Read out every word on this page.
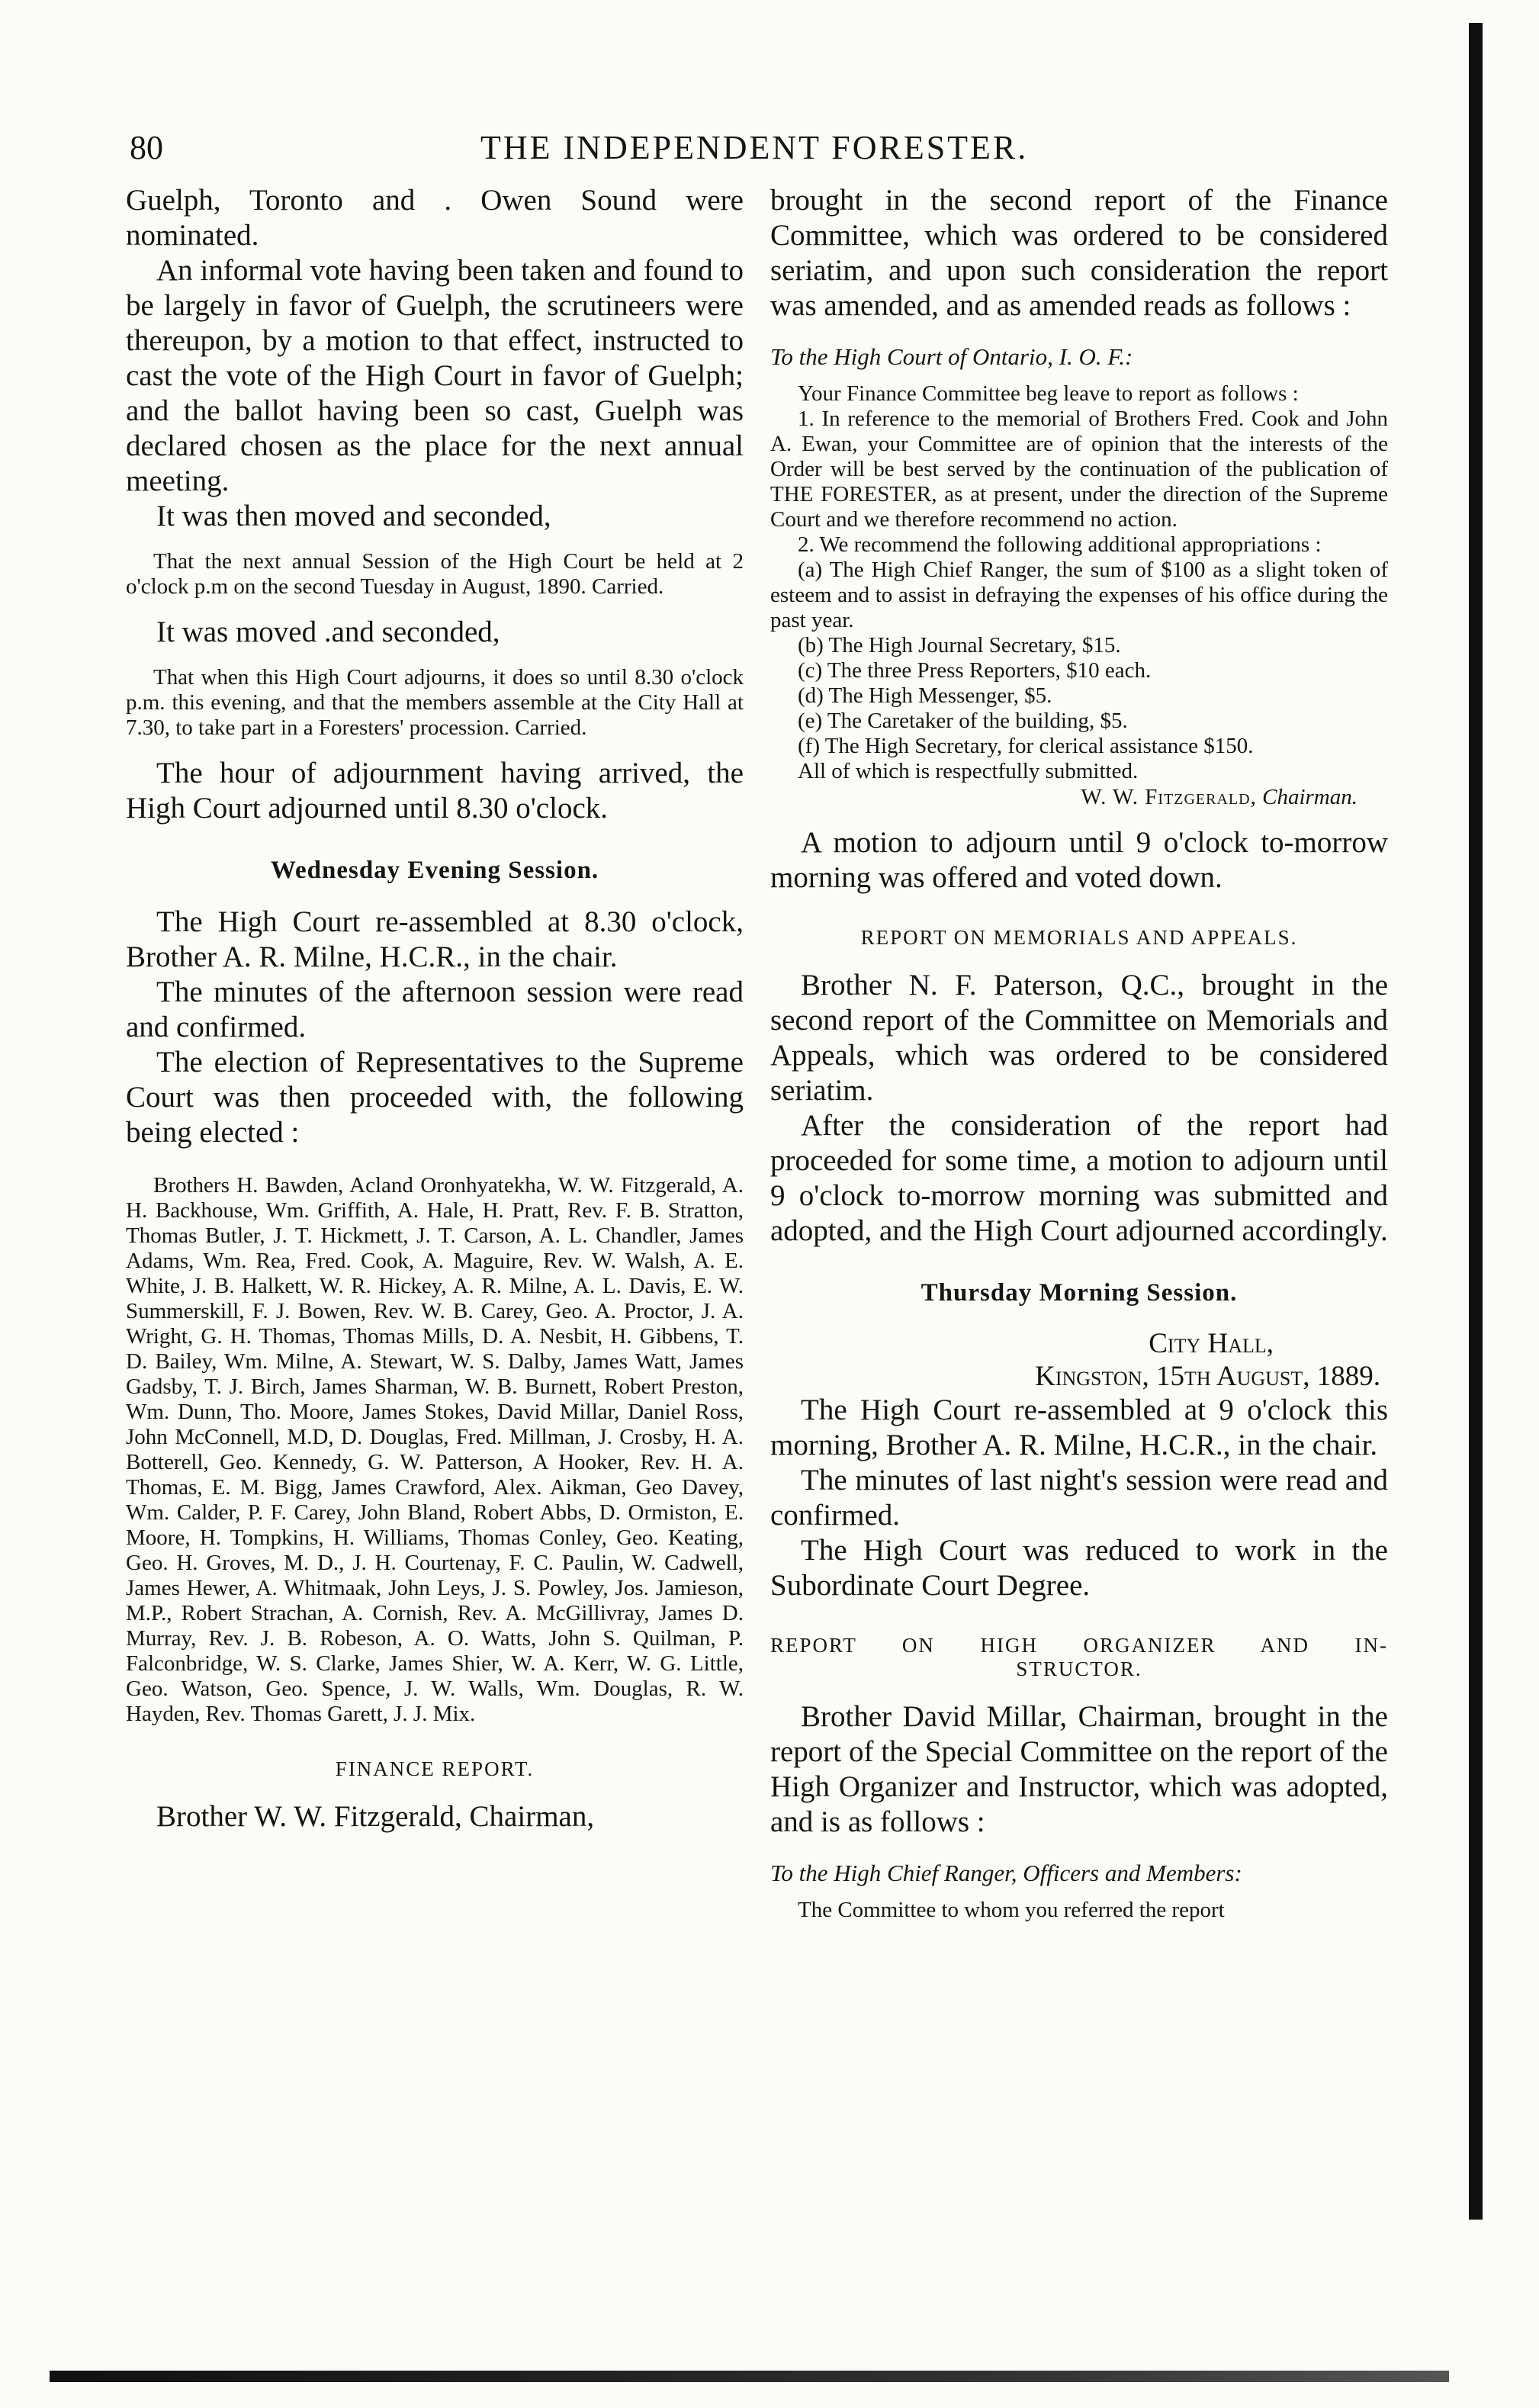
80	THE INDEPENDENT FORESTER.

Guelph, Toronto and . Owen Sound were nominated.

An informal vote having been taken and found to be largely in favor of Guelph, the scrutineers were thereupon, by a motion to that effect, instructed to cast the vote of the High Court in favor of Guelph; and the ballot having been so cast, Guelph was declared chosen as the place for the next annual meeting.

It was then moved and seconded,

That the next annual Session of the High Court be held at 2 o'clock p.m on the second Tuesday in August, 1890. Carried.

It was moved .and seconded,

That when this High Court adjourns, it does so until 8.30 o'clock p.m. this evening, and that the members assemble at the City Hall at 7.30, to take part in a Foresters' procession. Carried.

The hour of adjournment having arrived, the High Court adjourned until 8.30 o'clock.

Wednesday Evening Session.

The High Court re-assembled at 8.30 o'clock, Brother A. R. Milne, H.C.R., in the chair.

The minutes of the afternoon session were read and confirmed.

The election of Representatives to the Supreme Court was then proceeded with, the following being elected :

Brothers H. Bawden, Acland Oronhyatekha, W. W. Fitzgerald, A. H. Backhouse, Wm. Griffith, A. Hale, H. Pratt, Rev. F. B. Stratton, Thomas Butler, J. T. Hickmett, J. T. Carson, A. L. Chandler, James Adams, Wm. Rea, Fred. Cook, A. Maguire, Rev. W. Walsh, A. E. White, J. B. Halkett, W. R. Hickey, A. R. Milne, A. L. Davis, E. W. Summerskill, F. J. Bowen, Rev. W. B. Carey, Geo. A. Proctor, J. A. Wright, G. H. Thomas, Thomas Mills, D. A. Nesbit, H. Gibbens, T. D. Bailey, Wm. Milne, A. Stewart, W. S. Dalby, James Watt, James Gadsby, T. J. Birch, James Sharman, W. B. Burnett, Robert Preston, Wm. Dunn, Tho. Moore, James Stokes, David Millar, Daniel Ross, John McConnell, M.D, D. Douglas, Fred. Millman, J. Crosby, H. A. Botterell, Geo. Kennedy, G. W. Patterson, A Hooker, Rev. H. A. Thomas, E. M. Bigg, James Crawford, Alex. Aikman, Geo Davey, Wm. Calder, P. F. Carey, John Bland, Robert Abbs, D. Ormiston, E. Moore, H. Tompkins, H. Williams, Thomas Conley, Geo. Keating, Geo. H. Groves, M. D., J. H. Courtenay, F. C. Paulin, W. Cadwell, James Hewer, A. Whitmaak, John Leys, J. S. Powley, Jos. Jamieson, M.P., Robert Strachan, A. Cornish, Rev. A. McGillivray, James D. Murray, Rev. J. B. Robeson, A. O. Watts, John S. Quilman, P. Falconbridge, W. S. Clarke, James Shier, W. A. Kerr, W. G. Little, Geo. Watson, Geo. Spence, J. W. Walls, Wm. Douglas, R. W. Hayden, Rev. Thomas Garett, J. J. Mix.

FINANCE REPORT.

Brother W. W. Fitzgerald, Chairman,

brought in the second report of the Finance Committee, which was ordered to be considered seriatim, and upon such consideration the report was amended, and as amended reads as follows :

To the High Court of Ontario, I. O. F.:

Your Finance Committee beg leave to report as follows :

1. In reference to the memorial of Brothers Fred. Cook and John A. Ewan, your Committee are of opinion that the interests of the Order will be best served by the continuation of the publication of THE FORESTER, as at present, under the direction of the Supreme Court and we therefore recommend no action.

2. We recommend the following additional appropriations :

(a) The High Chief Ranger, the sum of $100 as a slight token of esteem and to assist in defraying the expenses of his office during the past year.

(b) The High Journal Secretary, $15.

(c) The three Press Reporters, $10 each.

(d) The High Messenger, $5.

(e) The Caretaker of the building, $5.

(f) The High Secretary, for clerical assistance $150.

All of which is respectfully submitted.

W. W. Fitzgerald, Chairman.

A motion to adjourn until 9 o'clock to-morrow morning was offered and voted down.

REPORT ON MEMORIALS AND APPEALS.

Brother N. F. Paterson, Q.C., brought in the second report of the Committee on Memorials and Appeals, which was ordered to be considered seriatim.

After the consideration of the report had proceeded for some time, a motion to adjourn until 9 o'clock to-morrow morning was submitted and adopted, and the High Court adjourned accordingly.

Thursday Morning Session.
City Hall,
Kingston, 15th August, 1889.

The High Court re-assembled at 9 o'clock this morning, Brother A. R. Milne, H.C.R., in the chair.

The minutes of last night's session were read and confirmed.

The High Court was reduced to work in the Subordinate Court Degree.

REPORT ON HIGH ORGANIZER AND IN-
STRUCTOR.

Brother David Millar, Chairman, brought in the report of the Special Committee on the report of the High Organizer and Instructor, which was adopted, and is as follows :

To the High Chief Ranger, Officers and Members:

The Committee to whom you referred the report
